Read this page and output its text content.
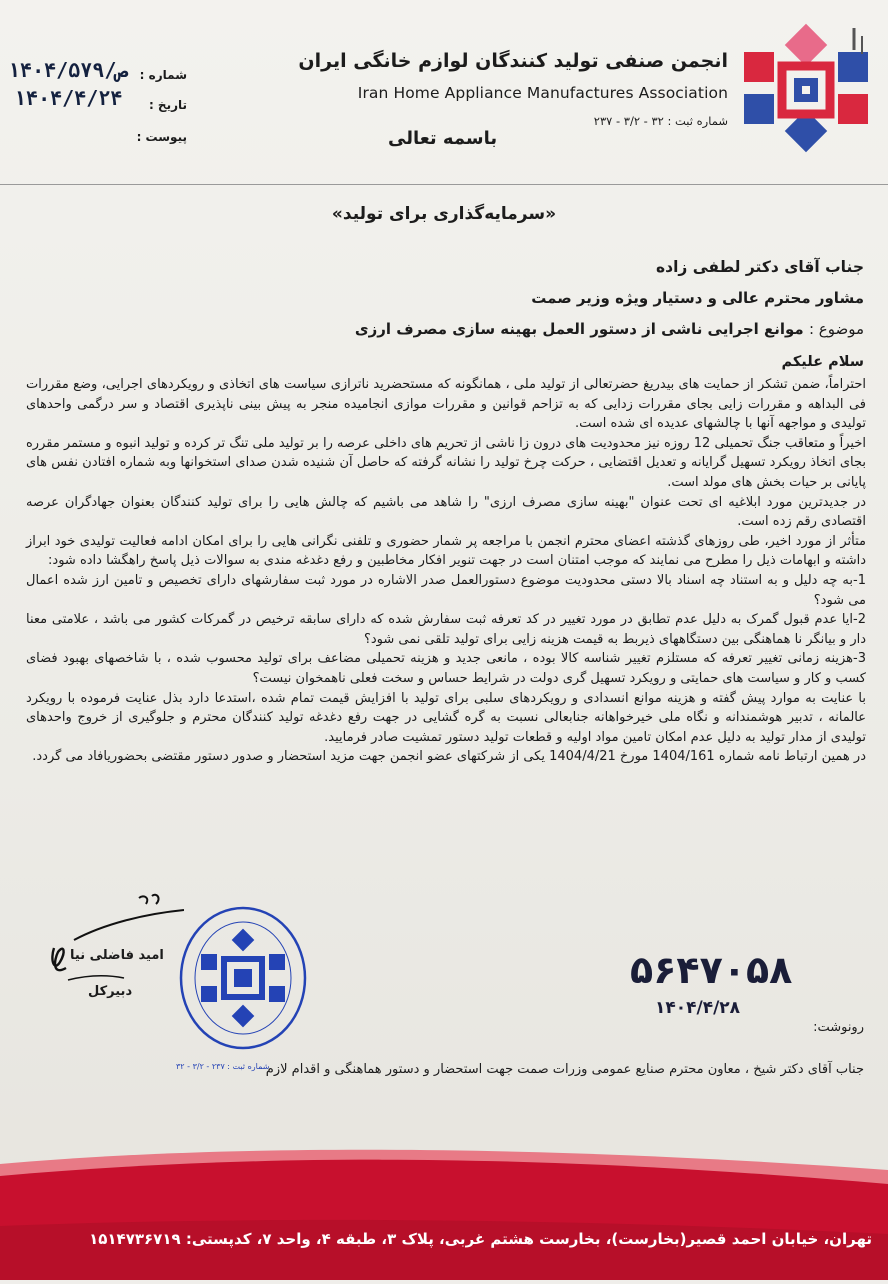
انجمن صنفی تولید کنندگان لوازم خانگی ایران
Iran Home Appliance Manufactures Association
شماره ثبت : ۳۲ - ۳/۲ - ۲۳۷
باسمه تعالی
شماره :
۱۴۰۴/ص/۵۷۹
تاریخ :
۱۴۰۴/۴/۲۴
پیوست :
«سرمایه‌گذاری برای تولید»
جناب آقای دکتر لطفی زاده
مشاور محترم عالی و دستیار ویژه وزیر صمت
موضوع : موانع اجرایی ناشی از دستور العمل بهینه سازی مصرف ارزی
سلام علیکم

احتراماً، ضمن تشکر از حمایت های بیدریغ حضرتعالی از تولید ملی ، همانگونه که مستحضرید ناترازی سیاست های اتخاذی و رویکردهای اجرایی، وضع مقررات فی البداهه و مقررات زایی بجای مقررات زدایی که به تزاحم قوانین و مقررات موازی انجامیده منجر به پیش بینی ناپذیری اقتصاد و سر درگمی واحدهای تولیدی و مواجهه آنها با چالشهای عدیده ای شده است.

اخیراً و متعاقب جنگ تحمیلی 12 روزه نیز محدودیت های درون زا ناشی از تحریم های داخلی عرصه را بر تولید ملی تنگ تر کرده و تولید انبوه و مستمر مقرره بجای اتخاذ رویکرد تسهیل گرایانه و تعدیل اقتضایی ، حرکت چرخ تولید را نشانه گرفته که حاصل آن شنیده شدن صدای استخوانها وبه شماره افتادن نفس های پایانی بر حیات بخش های مولد است.

در جدیدترین مورد ابلاغیه ای تحت عنوان "بهینه سازی مصرف ارزی" را شاهد می باشیم که چالش هایی را برای تولید کنندگان بعنوان جهادگران عرصه اقتصادی رقم زده است.

متأثر از مورد اخیر، طی روزهای گذشته اعضای محترم انجمن با مراجعه پر شمار حضوری و تلفنی نگرانی هایی را برای امکان ادامه فعالیت تولیدی خود ابراز داشته و ابهامات ذیل را مطرح می نمایند که موجب امتنان است در جهت تنویر افکار مخاطبین و رفع دغدغه مندی به سوالات ذیل پاسخ راهگشا داده شود:

1-به چه دلیل و به استناد چه اسناد بالا دستی محدودیت موضوع دستورالعمل صدر الاشاره در مورد ثبت سفارشهای دارای تخصیص و تامین ارز شده اعمال می شود؟

2-ایا عدم قبول گمرک به دلیل عدم تطابق در مورد تغییر در کد تعرفه ثبت سفارش شده که دارای سابقه ترخیص در گمرکات کشور می باشد ، علامتی معنا دار و بیانگر نا هماهنگی بین دستگاههای ذیربط به قیمت هزینه زایی برای تولید تلقی نمی شود؟

3-هزینه زمانی تغییر تعرفه که مستلزم تغییر شناسه کالا بوده ، مانعی جدید و هزینه تحمیلی مضاعف برای تولید محسوب شده ، با شاخصهای بهبود فضای کسب و کار و سیاست های حمایتی و رویکرد تسهیل گری دولت در شرایط حساس و سخت فعلی ناهمخوان نیست؟

با عنایت به موارد پیش گفته و هزینه موانع انسدادی و رویکردهای سلبی برای تولید با افزایش قیمت تمام شده ،استدعا دارد بذل عنایت فرموده با رویکرد عالمانه ، تدبیر هوشمندانه و نگاه ملی خیرخواهانه جنابعالی نسبت به گره گشایی در جهت رفع دغدغه تولید کنندگان محترم و جلوگیری از خروج واحدهای تولیدی از مدار تولید به دلیل عدم امکان تامین مواد اولیه و قطعات تولید دستور تمشیت صادر فرمایید.

در همین ارتباط نامه شماره 1404/161 مورخ 1404/4/21 یکی از شرکتهای عضو انجمن جهت مزید استحضار و صدور دستور مقتضی بحضوریافاد می گردد.

امید فاضلی نیا
دبیرکل
شماره ثبت : ۲۳۷ - ۳/۲ - ۳۲
۵۶۴۷۰۵۸
۱۴۰۴/۴/۲۸
رونوشت:
جناب آقای دکتر شیخ ، معاون محترم صنایع عمومی وزرات صمت جهت استحضار و دستور هماهنگی و اقدام لازم
تهران، خیابان احمد قصیر(بخارست)، بخارست هشتم غربی، پلاک ۳، طبقه ۴، واحد ۷، کدپستی: ۱۵۱۴۷۳۶۷۱۹
